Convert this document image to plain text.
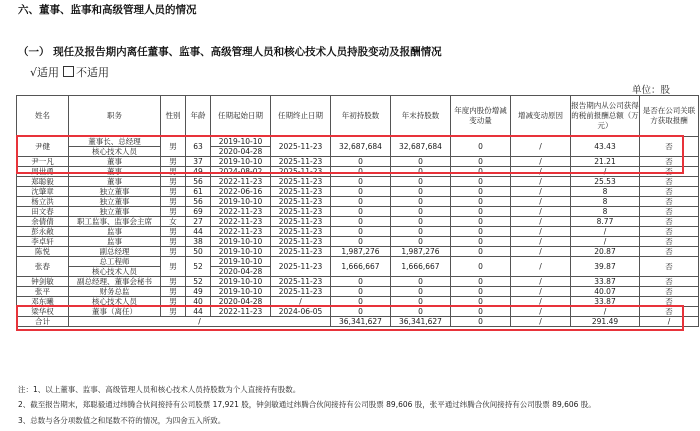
六、董事、监事和高级管理人员的情况
（一） 现任及报告期内离任董事、监事、高级管理人员和核心技术人员持股变动及报酬情况
√适用 不适用
单位：股
姓名	职务	性别	年龄	任期起始日期	任期终止日期	年初持股数	年末持股数	年度内股份增减变动量	增减变动原因	报告期内从公司获得的税前报酬总额（万元）	是否在公司关联方获取报酬
尹健	董事长、总经理	男	63	2019-10-10	2025-11-23	32,687,684	32,687,684	0	/	43.43	否
	核心技术人员			2020-04-28							
尹一凡	董事	男	37	2019-10-10	2025-11-23	0	0	0	/	21.21	否
周世勇	董事	男	49	2024-08-02	2025-11-23	0	0	0	/	/	否
郑聪毅	董事	男	56	2022-11-23	2025-11-23	0	0	0	/	25.53	否
沈肇章	独立董事	男	61	2022-06-16	2025-11-23	0	0	0	/	8	否
杨立洪	独立董事	男	56	2019-10-10	2025-11-23	0	0	0	/	8	否
田文春	独立董事	男	69	2022-11-23	2025-11-23	0	0	0	/	8	否
余倩倩	职工监事、监事会主席	女	27	2022-11-23	2025-11-23	0	0	0	/	8.77	否
彭永敞	监事	男	44	2022-11-23	2025-11-23	0	0	0	/	/	否
李卓轩	监事	男	38	2019-10-10	2025-11-23	0	0	0	/	/	否
陈悦	副总经理	男	50	2019-10-10	2025-11-23	1,987,276	1,987,276	0	/	20.87	否
张春	总工程师	男	52	2019-10-10	2025-11-23	1,666,667	1,666,667	0	/	39.87	否
	核心技术人员			2020-04-28							
钟剑敏	副总经理、董事会秘书	男	52	2019-10-10	2025-11-23	0	0	0	/	33.87	否
张平	财务总监	男	49	2019-10-10	2025-11-23	0	0	0	/	40.07	否
邓东曦	核心技术人员	男	40	2020-04-28	/	0	0	0	/	33.87	否
梁华权	董事（离任）	男	44	2022-11-23	2024-06-05	0	0	0	/	/	否
合计	/					36,341,627	36,341,627	0	/	291.49	/
注：1、以上董事、监事、高级管理人员和核心技术人员持股数为个人直接持有股数。
2、截至报告期末，郑聪毅通过纬腾合伙间接持有公司股票 17,921 股，钟剑敏通过纬腾合伙间接持有公司股票 89,606 股，张平通过纬腾合伙间接持有公司股票 89,606 股。
3、总数与各分项数值之和尾数不符的情况，为四舍五入所致。
